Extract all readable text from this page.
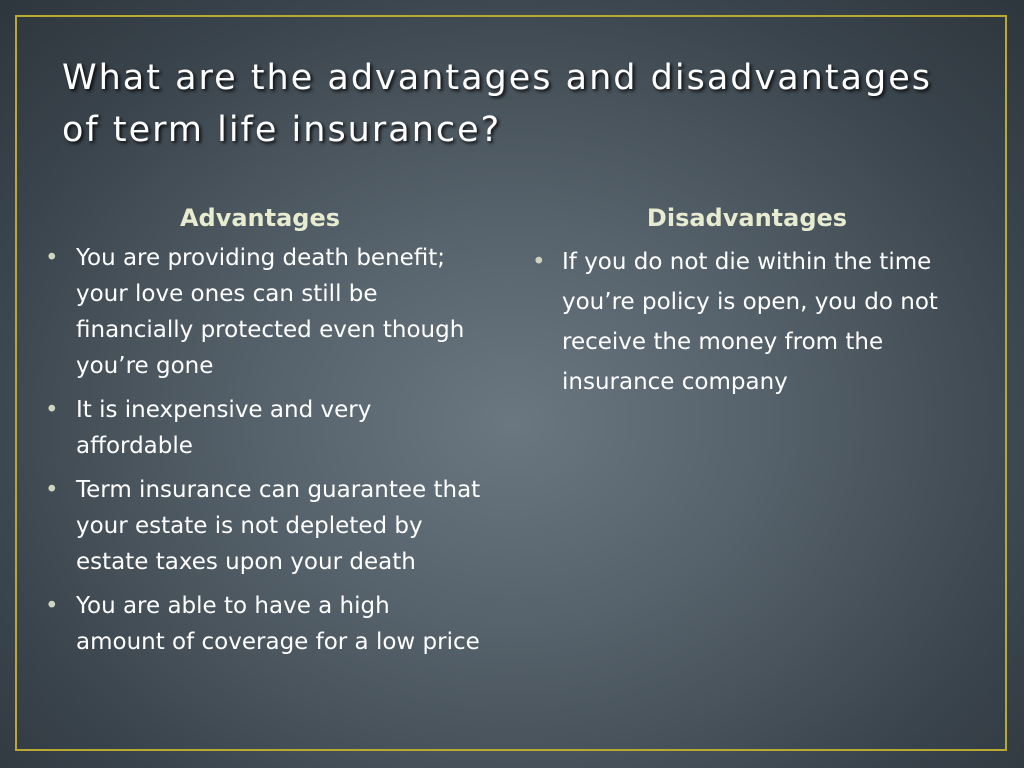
What are the advantages and disadvantages of term life insurance?
Advantages
• You are providing death benefit; your love ones can still be financially protected even though you’re gone
• It is inexpensive and very affordable
• Term insurance can guarantee that your estate is not depleted by estate taxes upon your death
• You are able to have a high amount of coverage for a low price
Disadvantages
• If you do not die within the time you’re policy is open, you do not receive the money from the insurance company
